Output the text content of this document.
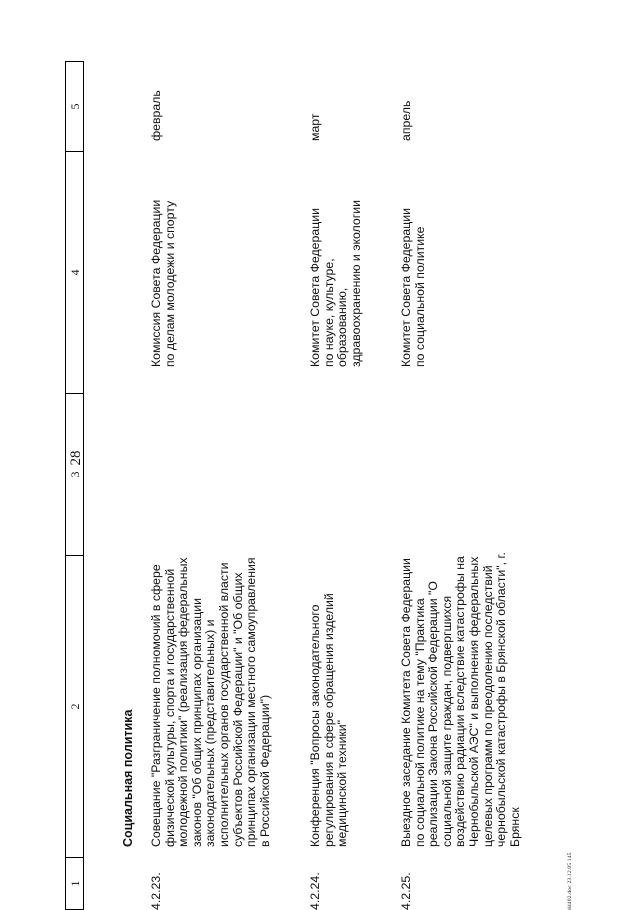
28
1
2
3
4
5
Социальная политика
4.2.23.
Совещание "Разграничение полномочий в сфере физической культуры, спорта и государственной молодежной политики" (реализация федеральных законов "Об общих принципах организации законодательных (представительных) и исполнительных органов государственной власти субъектов Российской Федерации" и "Об общих принципах организации местного самоуправления в Российской Федерации")
Комиссия Совета Федерации по делам молодежи и спорту
февраль
4.2.24.
Конференция "Вопросы законодательного регулирования в сфере обращения изделий медицинской техники"
Комитет Совета Федерации по науке, культуре, образованию, здравоохранению и экологии
март
4.2.25.
Выездное заседание Комитета Совета Федерации по социальной политике на тему "Практика реализации Закона Российской Федерации "О социальной защите граждан, подвергшихся воздействию радиации вследствие катастрофы на Чернобыльской АЭС" и выполнения федеральных целевых программ по преодолению последствий чернобыльской катастрофы в Брянской области", г. Брянск
Комитет Совета Федерации по социальной политике
апрель
d4402.doc 23.12.05 145
